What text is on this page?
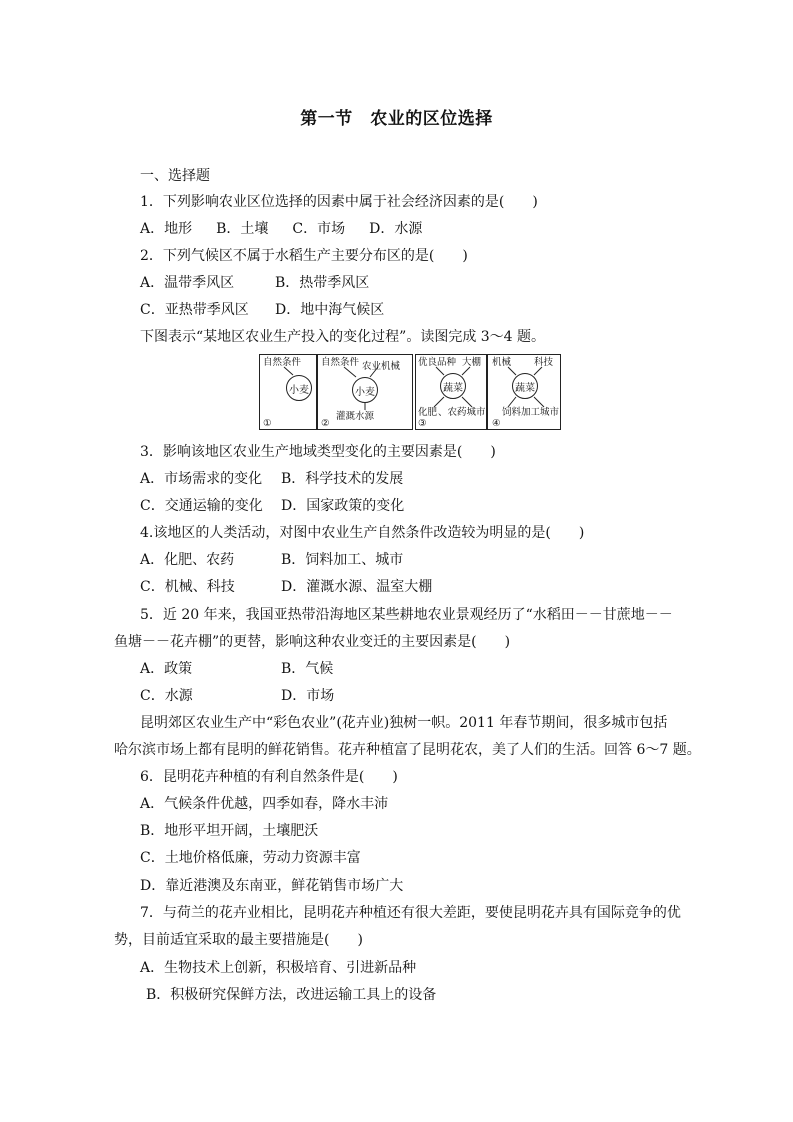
第一节　农业的区位选择
一、选择题
1．下列影响农业区位选择的因素中属于社会经济因素的是(　　)
A．地形 B．土壤 C．市场 D．水源
2．下列气候区不属于水稻生产主要分布区的是(　　)
A．温带季风区	B．热带季风区
C．亚热带季风区 D．地中海气候区
下图表示“某地区农业生产投入的变化过程”。读图完成 3～4 题。
自然条件
小麦
①
自然条件 农业机械
小麦
灌溉水源
②
优良品种 大棚
蔬菜
化肥 、农药城市
③
机械 科技
蔬菜
饲料加工 城市
④
3．影响该地区农业生产地域类型变化的主要因素是(　　)
A．市场需求的变化 B．科学技术的发展
C．交通运输的变化 D．国家政策的变化
4.该地区的人类活动，对图中农业生产自然条件改造较为明显的是(　　)
A．化肥、农药	B．饲料加工、城市
C．机械、科技	D．灌溉水源、温室大棚
5．近 20 年来，我国亚热带沿海地区某些耕地农业景观经历了“水稻田－－甘蔗地－－
鱼塘－－花卉棚”的更替，影响这种农业变迁的主要因素是(　　)
A．政策	B．气候
C．水源	D．市场
昆明郊区农业生产中“彩色农业”(花卉业)独树一帜。2011 年春节期间，很多城市包括
哈尔滨市场上都有昆明的鲜花销售。花卉种植富了昆明花农，美了人们的生活。回答 6～7 题。
6．昆明花卉种植的有利自然条件是(　　)
A．气候条件优越，四季如春，降水丰沛
B．地形平坦开阔，土壤肥沃
C．土地价格低廉，劳动力资源丰富
D．靠近港澳及东南亚，鲜花销售市场广大
7．与荷兰的花卉业相比，昆明花卉种植还有很大差距，要使昆明花卉具有国际竞争的优
势，目前适宜采取的最主要措施是(　　)
A．生物技术上创新，积极培育、引进新品种
B．积极研究保鲜方法，改进运输工具上的设备
